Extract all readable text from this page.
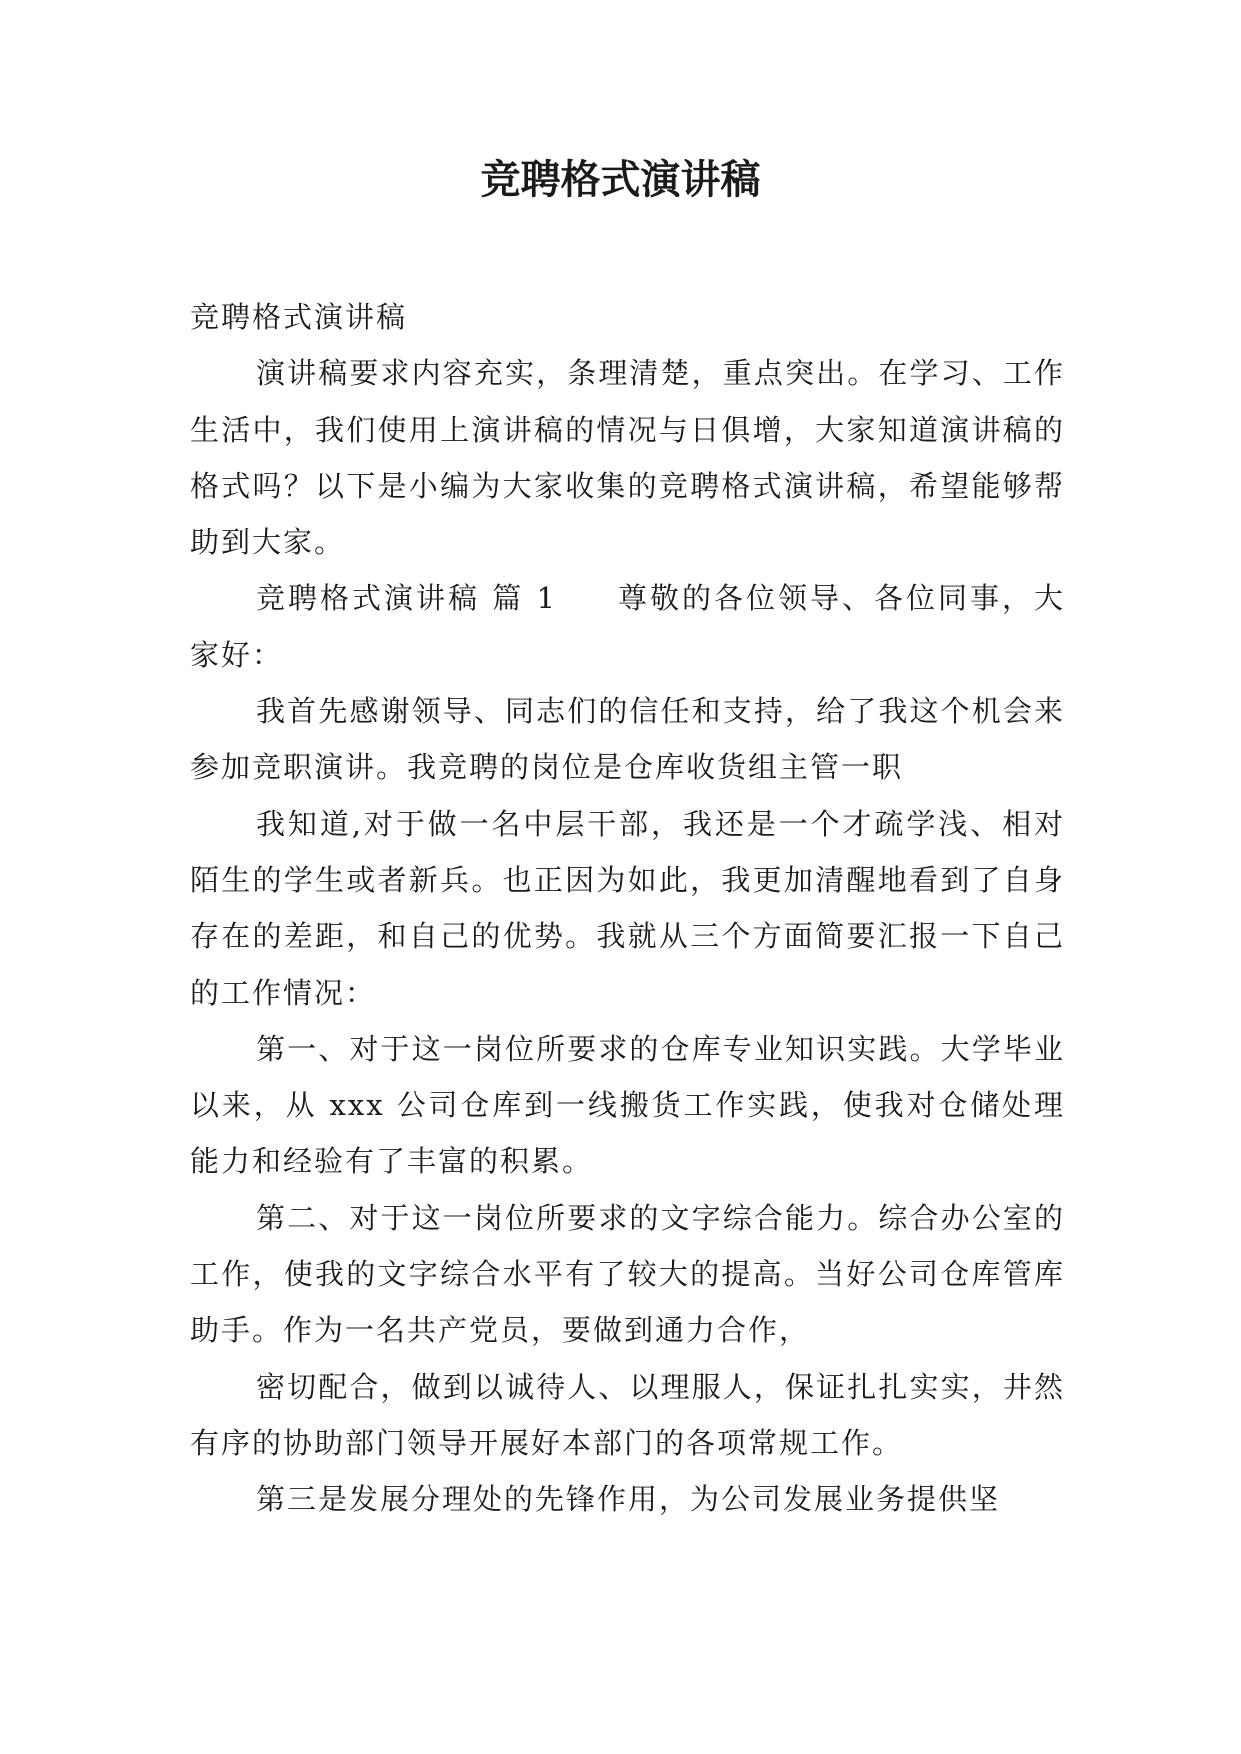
竞聘格式演讲稿

竞聘格式演讲稿

演讲稿要求内容充实，条理清楚，重点突出。在学习、工作生活中，我们使用上演讲稿的情况与日俱增，大家知道演讲稿的格式吗？以下是小编为大家收集的竞聘格式演讲稿，希望能够帮助到大家。

竞聘格式演讲稿 篇 1 尊敬的各位领导、各位同事，大家好：

我首先感谢领导、同志们的信任和支持，给了我这个机会来参加竞职演讲。我竞聘的岗位是仓库收货组主管一职

我知道,对于做一名中层干部，我还是一个才疏学浅、相对陌生的学生或者新兵。也正因为如此，我更加清醒地看到了自身存在的差距，和自己的优势。我就从三个方面简要汇报一下自己的工作情况：

第一、对于这一岗位所要求的仓库专业知识实践。大学毕业以来，从 xxx 公司仓库到一线搬货工作实践，使我对仓储处理能力和经验有了丰富的积累。

第二、对于这一岗位所要求的文字综合能力。综合办公室的工作，使我的文字综合水平有了较大的提高。当好公司仓库管库助手。作为一名共产党员，要做到通力合作，

密切配合，做到以诚待人、以理服人，保证扎扎实实，井然有序的协助部门领导开展好本部门的各项常规工作。

第三是发展分理处的先锋作用，为公司发展业务提供坚
